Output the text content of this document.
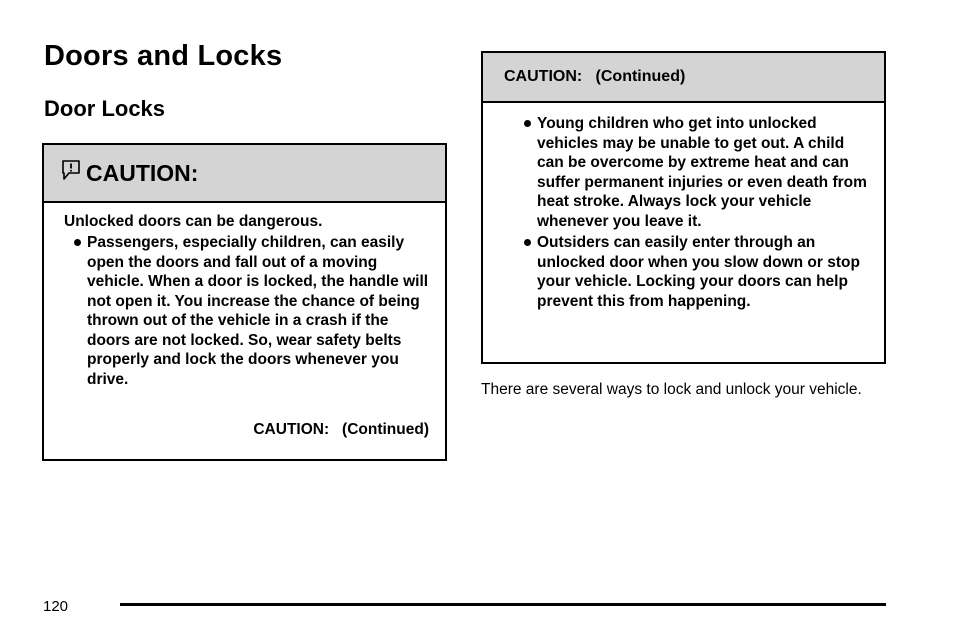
Doors and Locks
Door Locks
CAUTION:
Unlocked doors can be dangerous.
Passengers, especially children, can easily open the doors and fall out of a moving vehicle. When a door is locked, the handle will not open it. You increase the chance of being thrown out of the vehicle in a crash if the doors are not locked. So, wear safety belts properly and lock the doors whenever you drive.
CAUTION:   (Continued)
CAUTION:   (Continued)
Young children who get into unlocked vehicles may be unable to get out. A child can be overcome by extreme heat and can suffer permanent injuries or even death from heat stroke. Always lock your vehicle whenever you leave it.
Outsiders can easily enter through an unlocked door when you slow down or stop your vehicle. Locking your doors can help prevent this from happening.
There are several ways to lock and unlock your vehicle.
120
